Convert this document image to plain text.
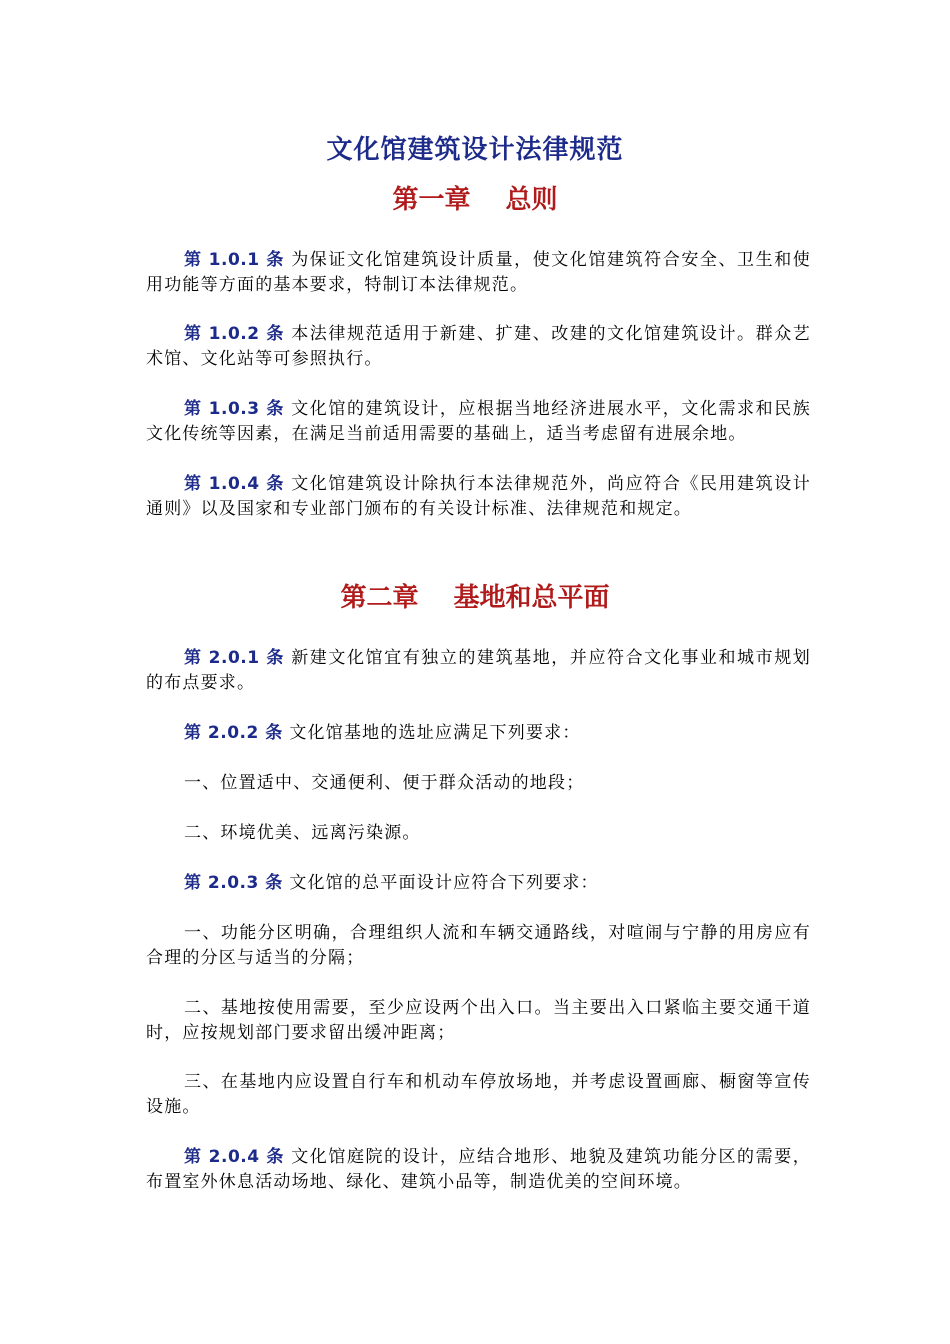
文化馆建筑设计法律规范
第一章　 总则
第 1.0.1 条 为保证文化馆建筑设计质量，使文化馆建筑符合安全、卫生和使用功能等方面的基本要求，特制订本法律规范。
第 1.0.2 条 本法律规范适用于新建、扩建、改建的文化馆建筑设计。群众艺术馆、文化站等可参照执行。
第 1.0.3 条 文化馆的建筑设计，应根据当地经济进展水平，文化需求和民族文化传统等因素，在满足当前适用需要的基础上，适当考虑留有进展余地。
第 1.0.4 条 文化馆建筑设计除执行本法律规范外，尚应符合《民用建筑设计通则》以及国家和专业部门颁布的有关设计标准、法律规范和规定。
第二章　 基地和总平面
第 2.0.1 条 新建文化馆宜有独立的建筑基地，并应符合文化事业和城市规划的布点要求。
第 2.0.2 条 文化馆基地的选址应满足下列要求：
一、位置适中、交通便利、便于群众活动的地段；
二、环境优美、远离污染源。
第 2.0.3 条 文化馆的总平面设计应符合下列要求：
一、功能分区明确，合理组织人流和车辆交通路线，对喧闹与宁静的用房应有合理的分区与适当的分隔；
二、基地按使用需要，至少应设两个出入口。当主要出入口紧临主要交通干道时，应按规划部门要求留出缓冲距离；
三、在基地内应设置自行车和机动车停放场地，并考虑设置画廊、橱窗等宣传设施。
第 2.0.4 条 文化馆庭院的设计，应结合地形、地貌及建筑功能分区的需要，布置室外休息活动场地、绿化、建筑小品等，制造优美的空间环境。
